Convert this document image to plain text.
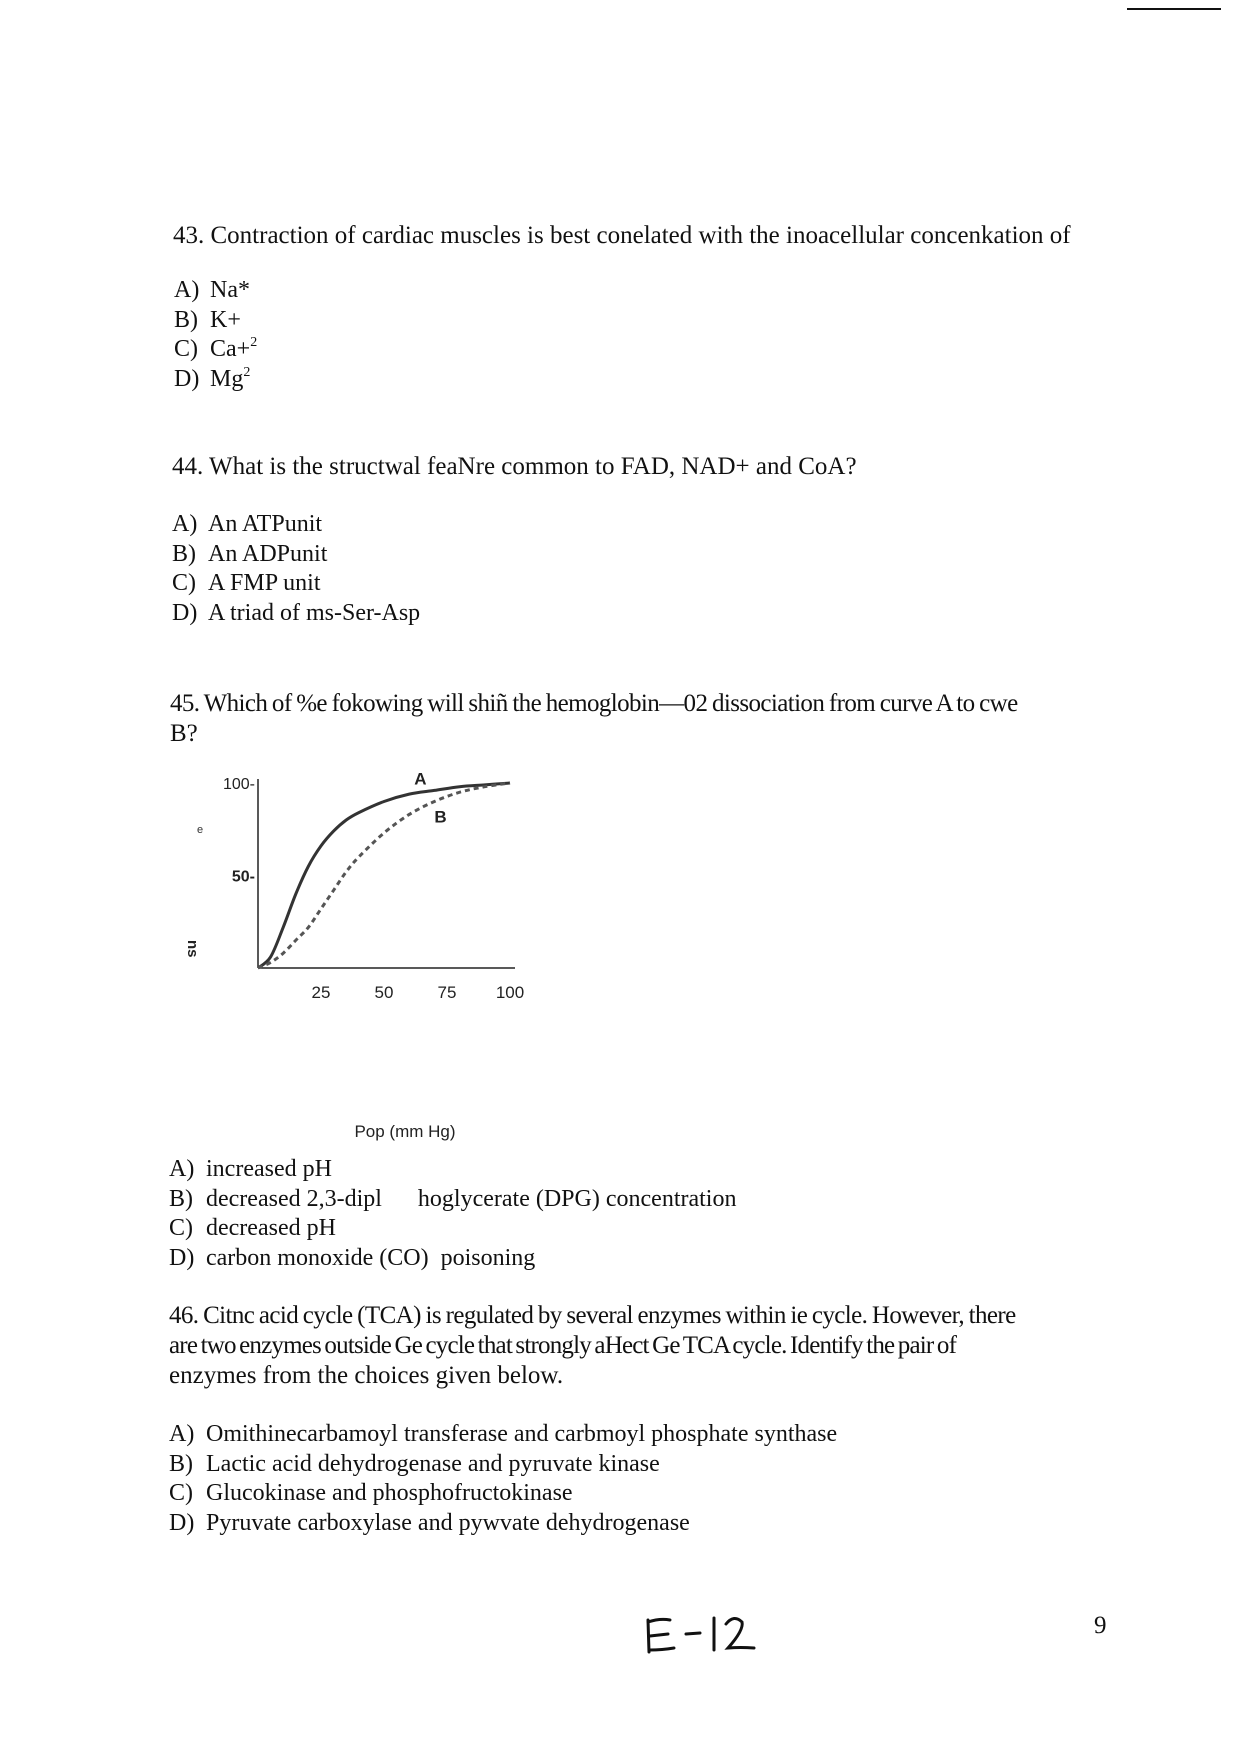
43. Contraction of cardiac muscles is best conelated with the inoacellular concenkation of
A) Na*
B) K+
C) Ca+$^2$
D) Mg$^2$
44. What is the structwal feaNre common to FAD, NAD+ and CoA?
A) An ATPunit
B) An ADPunit
C) A FMP unit
D) A triad of ms-Ser-Asp
45. Which of %e fokowing will shiñ the hemoglobin—02 dissociation from curve A to cwe
B?
e
ns
50-
100-
25	50	75 100
Pop (mm Hg)
A
B
A) increased pH
B) decreased 2,3-dipl      hoglycerate (DPG) concentration
C) decreased pH
D) carbon monoxide (CO)  poisoning
46. Citnc acid cycle (TCA) is regulated by several enzymes within ie cycle. However, there
are two enzymes outside Ge cycle that strongly aHect Ge TCA cycle. Identify the pair of
enzymes from the choices given below.
A) Omithinecarbamoyl transferase and carbmoyl phosphate synthase
B) Lactic acid dehydrogenase and pyruvate kinase
C) Glucokinase and phosphofructokinase
D) Pyruvate carboxylase and pywvate dehydrogenase
9
